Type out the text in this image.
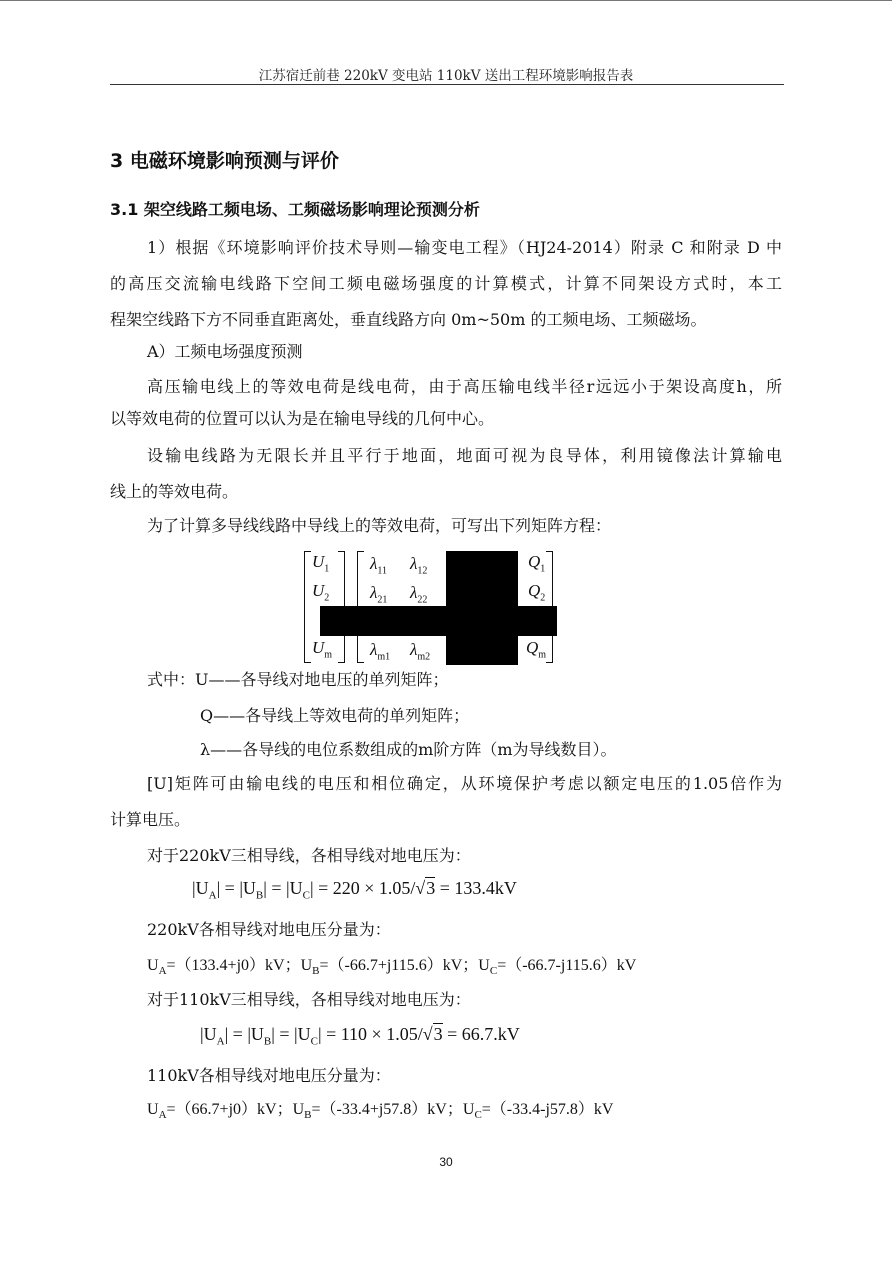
江苏宿迁前巷 220kV 变电站 110kV 送出工程环境影响报告表
3 电磁环境影响预测与评价
3.1 架空线路工频电场、工频磁场影响理论预测分析
1）根据《环境影响评价技术导则—输变电工程》（HJ24-2014）附录 C 和附录 D 中
的高压交流输电线路下空间工频电磁场强度的计算模式，计算不同架设方式时，本工
程架空线路下方不同垂直距离处，垂直线路方向 0m~50m 的工频电场、工频磁场。
A）工频电场强度预测
高压输电线上的等效电荷是线电荷，由于高压输电线半径r远远小于架设高度h，所
以等效电荷的位置可以认为是在输电导线的几何中心。
设输电线路为无限长并且平行于地面，地面可视为良导体，利用镜像法计算输电
线上的等效电荷。
为了计算多导线线路中导线上的等效电荷，可写出下列矩阵方程：
$U_1$
$U_2$
$U_m$
$\lambda_{11}$ $\lambda_{12}$
$\lambda_{21}$ $\lambda_{22}$
$\lambda_{m1}$ $\lambda_{m2}$
$Q_1$
$Q_2$
$Q_m$
式中：U——各导线对地电压的单列矩阵；
Q——各导线上等效电荷的单列矩阵；
λ——各导线的电位系数组成的m阶方阵（m为导线数目）。
[U]矩阵可由输电线的电压和相位确定，从环境保护考虑以额定电压的1.05倍作为
计算电压。
对于220kV三相导线，各相导线对地电压为：
$|U_A| = |U_B| = |U_C| = 220 \times 1.05/√3 = 133.4kV$
220kV各相导线对地电压分量为：
$U_A=(133.4+j0)kV$；$U_B=(-66.7+j115.6)kV$；$U_C=(-66.7-j115.6)kV$
对于110kV三相导线，各相导线对地电压为：
$|U_A| = |U_B| = |U_C| = 110 \times 1.05/√3 = 66.7.kV$
110kV各相导线对地电压分量为：
$U_A=(66.7+j0)kV$；$U_B=(-33.4+j57.8)kV$；$U_C=(-33.4-j57.8)kV$
30
